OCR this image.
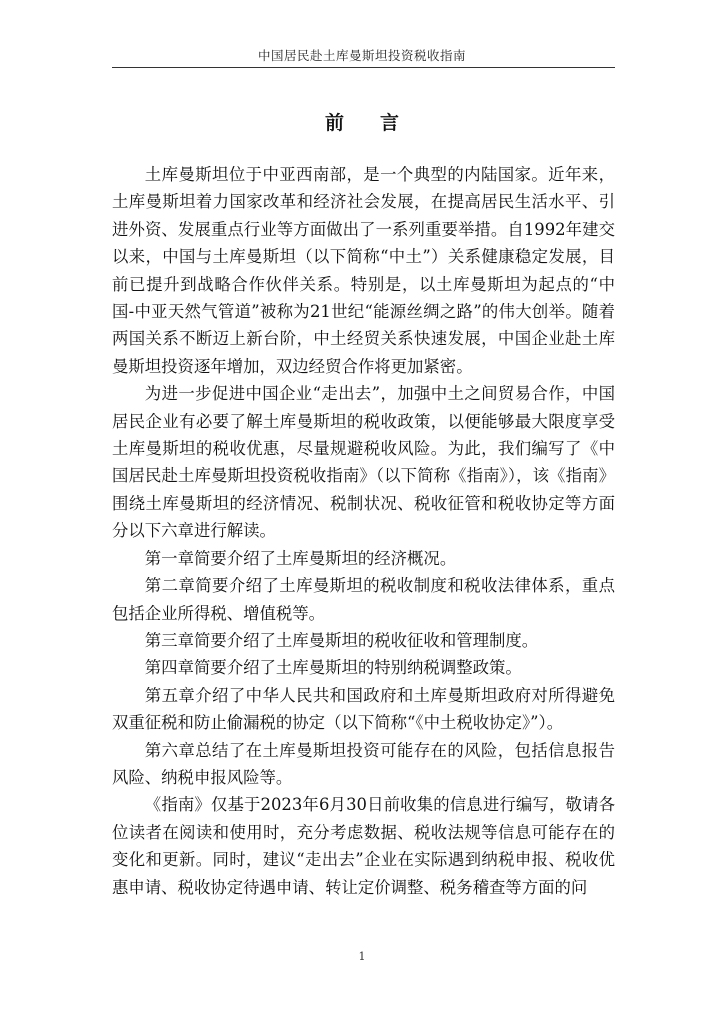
中国居民赴土库曼斯坦投资税收指南
前言

土库曼斯坦位于中亚西南部，是一个典型的内陆国家。近年来，土库曼斯坦着力国家改革和经济社会发展，在提高居民生活水平、引进外资、发展重点行业等方面做出了一系列重要举措。自1992年建交以来，中国与土库曼斯坦（以下简称“中土”）关系健康稳定发展，目前已提升到战略合作伙伴关系。特别是，以土库曼斯坦为起点的“中国-中亚天然气管道”被称为21世纪“能源丝绸之路”的伟大创举。随着两国关系不断迈上新台阶，中土经贸关系快速发展，中国企业赴土库曼斯坦投资逐年增加，双边经贸合作将更加紧密。

为进一步促进中国企业“走出去”，加强中土之间贸易合作，中国居民企业有必要了解土库曼斯坦的税收政策，以便能够最大限度享受土库曼斯坦的税收优惠，尽量规避税收风险。为此，我们编写了《中国居民赴土库曼斯坦投资税收指南》（以下简称《指南》），该《指南》围绕土库曼斯坦的经济情况、税制状况、税收征管和税收协定等方面分以下六章进行解读。

第一章简要介绍了土库曼斯坦的经济概况。

第二章简要介绍了土库曼斯坦的税收制度和税收法律体系，重点包括企业所得税、增值税等。

第三章简要介绍了土库曼斯坦的税收征收和管理制度。

第四章简要介绍了土库曼斯坦的特别纳税调整政策。

第五章介绍了中华人民共和国政府和土库曼斯坦政府对所得避免双重征税和防止偷漏税的协定（以下简称“《中土税收协定》”）。

第六章总结了在土库曼斯坦投资可能存在的风险，包括信息报告风险、纳税申报风险等。

《指南》仅基于2023年6月30日前收集的信息进行编写，敬请各位读者在阅读和使用时，充分考虑数据、税收法规等信息可能存在的变化和更新。同时，建议“走出去”企业在实际遇到纳税申报、税收优惠申请、税收协定待遇申请、转让定价调整、税务稽查等方面的问

1
